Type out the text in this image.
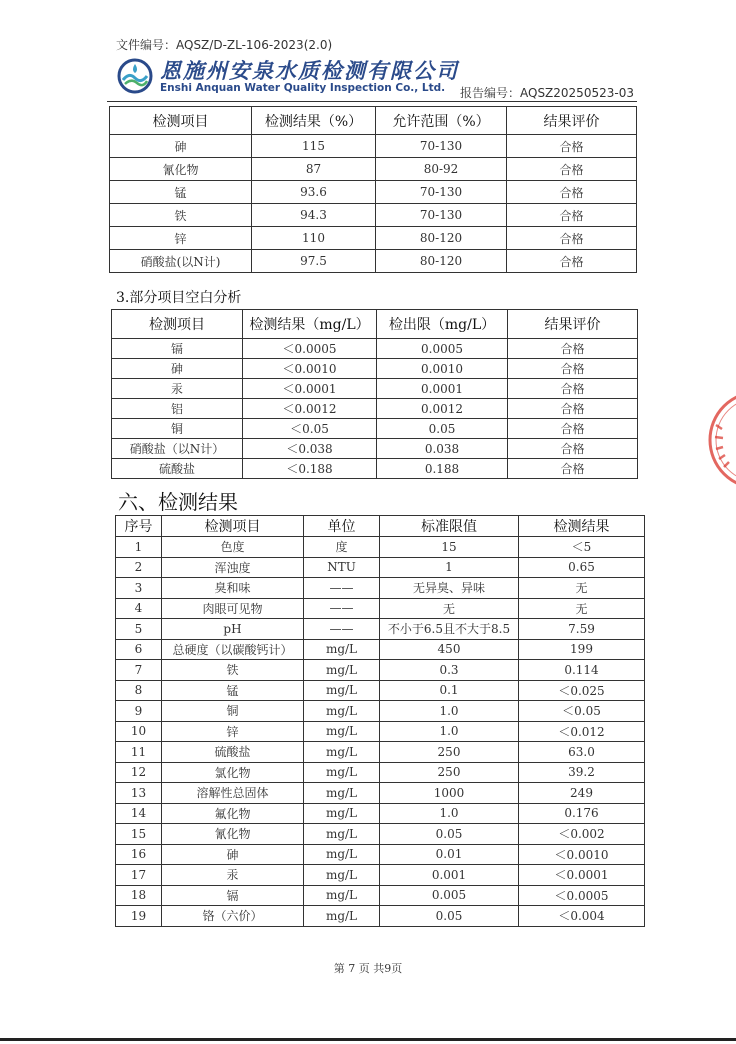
文件编号：AQSZ/D-ZL-106-2023(2.0)
恩施州安泉水质检测有限公司
Enshi Anquan Water Quality Inspection Co., Ltd. 报告编号：AQSZ20250523-03
检测项目	检测结果（%）	允许范围（%）	结果评价
砷	115	70-130	合格
氰化物	87	80-92	合格
锰	93.6	70-130	合格
铁	94.3	70-130	合格
锌	110	80-120	合格
硝酸盐(以N计)	97.5	80-120	合格
3.部分项目空白分析
检测项目	检测结果（mg/L）	检出限（mg/L）	结果评价
镉	＜0.0005	0.0005	合格
砷	＜0.0010	0.0010	合格
汞	＜0.0001	0.0001	合格
铝	＜0.0012	0.0012	合格
铜	＜0.05	0.05	合格
硝酸盐（以N计）	＜0.038	0.038	合格
硫酸盐	＜0.188	0.188	合格
六、检测结果
序号	检测项目	单位	标准限值	检测结果
1	色度	度	15	＜5
2	浑浊度	NTU	1	0.65
3	臭和味	——	无异臭、异味	无
4	肉眼可见物	——	无	无
5	pH	——	不小于6.5且不大于8.5	7.59
6	总硬度（以碳酸钙计）	mg/L	450	199
7	铁	mg/L	0.3	0.114
8	锰	mg/L	0.1	＜0.025
9	铜	mg/L	1.0	＜0.05
10	锌	mg/L	1.0	＜0.012
11	硫酸盐	mg/L	250	63.0
12	氯化物	mg/L	250	39.2
13	溶解性总固体	mg/L	1000	249
14	氟化物	mg/L	1.0	0.176
15	氰化物	mg/L	0.05	＜0.002
16	砷	mg/L	0.01	＜0.0010
17	汞	mg/L	0.001	＜0.0001
18	镉	mg/L	0.005	＜0.0005
19	铬（六价）	mg/L	0.05	＜0.004
第 7 页 共9页
